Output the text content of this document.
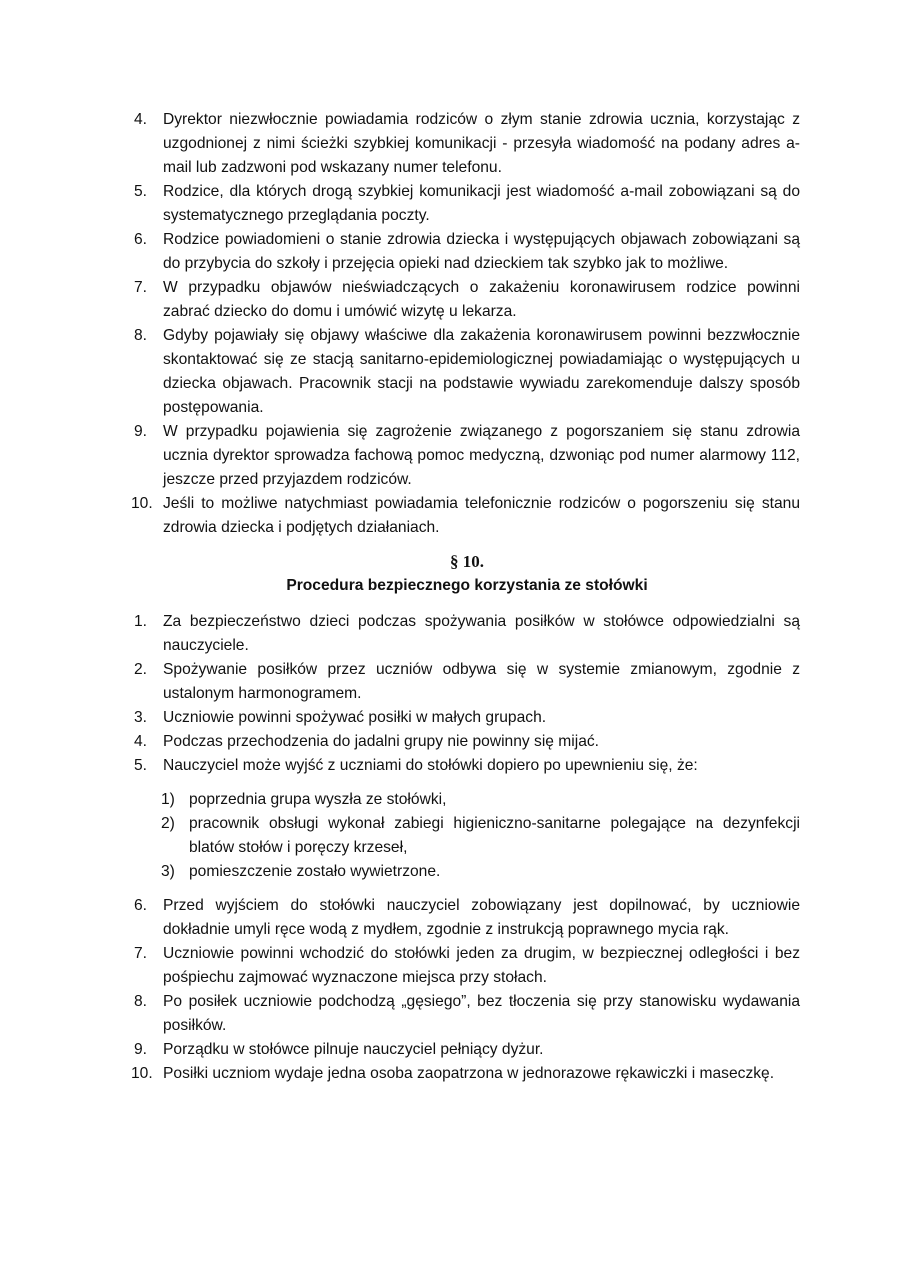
4.	Dyrektor niezwłocznie powiadamia rodziców o złym stanie zdrowia ucznia, korzystając z uzgodnionej z nimi ścieżki szybkiej komunikacji - przesyła wiadomość na podany adres a-mail lub zadzwoni pod wskazany numer telefonu.
5.	Rodzice, dla których drogą szybkiej komunikacji jest wiadomość a-mail zobowiązani są do systematycznego przeglądania poczty.
6.	Rodzice powiadomieni o stanie zdrowia dziecka i występujących objawach zobowiązani są do przybycia do szkoły i przejęcia opieki nad dzieckiem tak szybko jak to możliwe.
7.	W przypadku objawów nieświadczących o zakażeniu koronawirusem rodzice powinni zabrać dziecko do domu i umówić wizytę u lekarza.
8.	Gdyby pojawiały się objawy właściwe dla zakażenia koronawirusem powinni bezzwłocznie skontaktować się ze stacją sanitarno-epidemiologicznej powiadamiając o występujących u dziecka objawach. Pracownik stacji na podstawie wywiadu zarekomenduje dalszy sposób postępowania.
9.	W przypadku pojawienia się zagrożenie związanego z pogorszaniem się stanu zdrowia ucznia dyrektor sprowadza fachową pomoc medyczną, dzwoniąc pod numer alarmowy 112, jeszcze przed przyjazdem rodziców.
10. Jeśli to możliwe natychmiast powiadamia telefonicznie rodziców o pogorszeniu się stanu zdrowia dziecka i podjętych działaniach.
§ 10.
Procedura bezpiecznego korzystania ze stołówki
1.	Za bezpieczeństwo dzieci podczas spożywania posiłków w stołówce odpowiedzialni są nauczyciele.
2.	Spożywanie posiłków przez uczniów odbywa się w systemie zmianowym, zgodnie z ustalonym harmonogramem.
3.	Uczniowie powinni spożywać posiłki w małych grupach.
4.	Podczas przechodzenia do jadalni grupy nie powinny się mijać.
5.	Nauczyciel może wyjść z uczniami do stołówki dopiero po upewnieniu się, że:
1) poprzednia grupa wyszła ze stołówki,
2) pracownik obsługi wykonał zabiegi higieniczno-sanitarne polegające na dezynfekcji blatów stołów i poręczy krzeseł,
3) pomieszczenie zostało wywietrzone.
6.	Przed wyjściem do stołówki nauczyciel zobowiązany jest dopilnować, by uczniowie dokładnie umyli ręce wodą z mydłem, zgodnie z instrukcją poprawnego mycia rąk.
7.	Uczniowie powinni wchodzić do stołówki jeden za drugim, w bezpiecznej odległości i bez pośpiechu zajmować wyznaczone miejsca przy stołach.
8.	Po posiłek uczniowie podchodzą „gęsiego”, bez tłoczenia się przy stanowisku wydawania posiłków.
9.	Porządku w stołówce pilnuje nauczyciel pełniący dyżur.
10. Posiłki uczniom wydaje jedna osoba zaopatrzona w jednorazowe rękawiczki i maseczkę.
